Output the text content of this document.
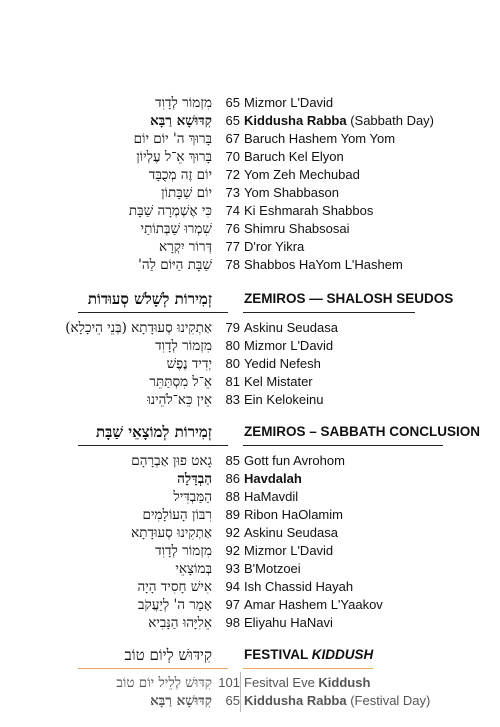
מִזְמוֹר לְדָוִד	65 Mizmor L'David
קִדּוּשָׁא רַבָּא	65 Kiddusha Rabba (Sabbath Day)
בָּרוּךְ ה' יוֹם יוֹם	67 Baruch Hashem Yom Yom
בָּרוּךְ אֵ־ל עֶלְיוֹן	70 Baruch Kel Elyon
יוֹם זֶה מְכֻבָּד	72 Yom Zeh Mechubad
יוֹם שַׁבָּתוֹן	73 Yom Shabbason
כִּי אֶשְׁמְרָה שַׁבָּת	74 Ki Eshmarah Shabbos
שִׁמְרוּ שַׁבְּתוֹתַי	76 Shimru Shabsosai
דְּרוֹר יִקְרָא	77 D'ror Yikra
שַׁבָּת הַיּוֹם לַה'	78 Shabbos HaYom L'Hashem
זְמִירוֹת לְשָׁלֹשׁ סְעוּדוֹת ZEMIROS — SHALOSH SEUDOS
אַתְקִינוּ סְעוּדָתָא (בְּנֵי הֵיכָלָא)	79 Askinu Seudasa
מִזְמוֹר לְדָוִד	80 Mizmor L'David
יְדִיד נֶפֶשׁ	80 Yedid Nefesh
אֵ־ל מִסְתַּתֵּר	81 Kel Mistater
אֵין כֵּא־לֹהֵינוּ	83 Ein Kelokeinu
זְמִירוֹת לְמוֹצָאֵי שַׁבָּת ZEMIROS – SABBATH CONCLUSION
גָאט פוּן אַבְרָהָם	85 Gott fun Avrohom
הַבְדָּלָה	86 Havdalah
הַמַּבְדִּיל	88 HaMavdil
רִבּוֹן הָעוֹלָמִים	89 Ribon HaOlamim
אַתְקִינוּ סְעוּדָתָא	92 Askinu Seudasa
מִזְמוֹר לְדָוִד	92 Mizmor L'David
בְּמוֹצָאֵי	93 B'Motzoei
אִישׁ חָסִיד הָיָה	94 Ish Chassid Hayah
אָמַר ה' לְיַעֲקֹב	97 Amar Hashem L'Yaakov
אֵלִיָּהוּ הַנָּבִיא	98 Eliyahu HaNavi
קִידּוּשׁ לְיוֹם טוֹב FESTIVAL KIDDUSH
קִדּוּשׁ לְלֵיל יוֹם טוֹב 101 Fesitval Eve Kiddush
קִדּוּשָׁא רַבָּא	65 Kiddusha Rabba (Festival Day)
